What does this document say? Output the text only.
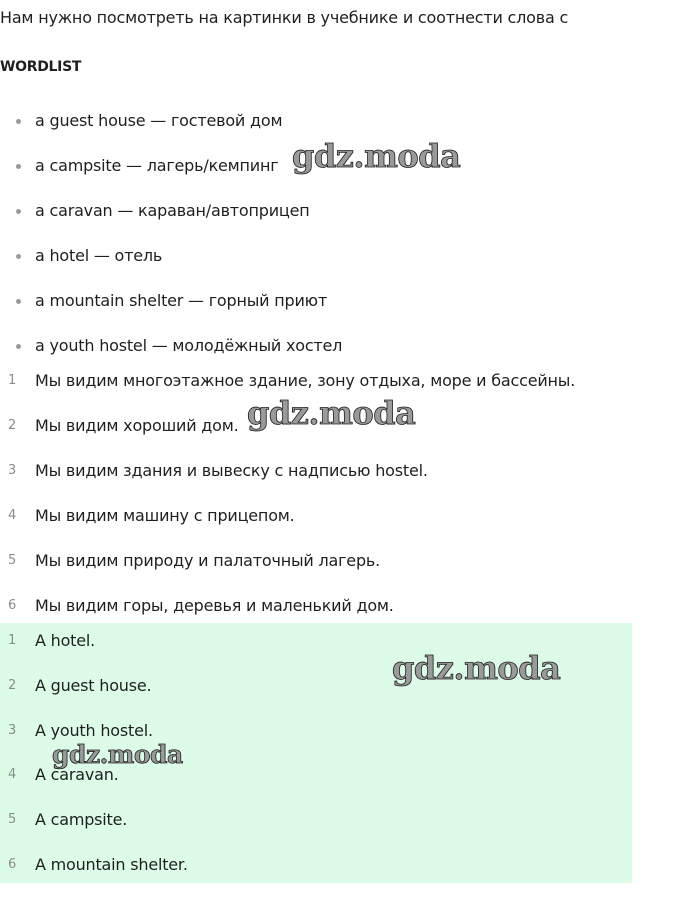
Нам нужно посмотреть на картинки в учебнике и соотнести слова с
WORDLIST
a guest house — гостевой дом
a campsite — лагерь/кемпинг
a caravan — караван/автоприцеп
a hotel — отель
a mountain shelter — горный приют
a youth hostel — молодёжный хостел
1	Мы видим многоэтажное здание, зону отдыха, море и бассейны.
2	Мы видим хороший дом.
3	Мы видим здания и вывеску с надписью hostel.
4	Мы видим машину с прицепом.
5	Мы видим природу и палаточный лагерь.
6	Мы видим горы, деревья и маленький дом.
1	A hotel.
2	A guest house.
3	A youth hostel.
4	A caravan.
5	A campsite.
6	A mountain shelter.
gdz.moda
gdz.moda
gdz.moda
gdz.moda
